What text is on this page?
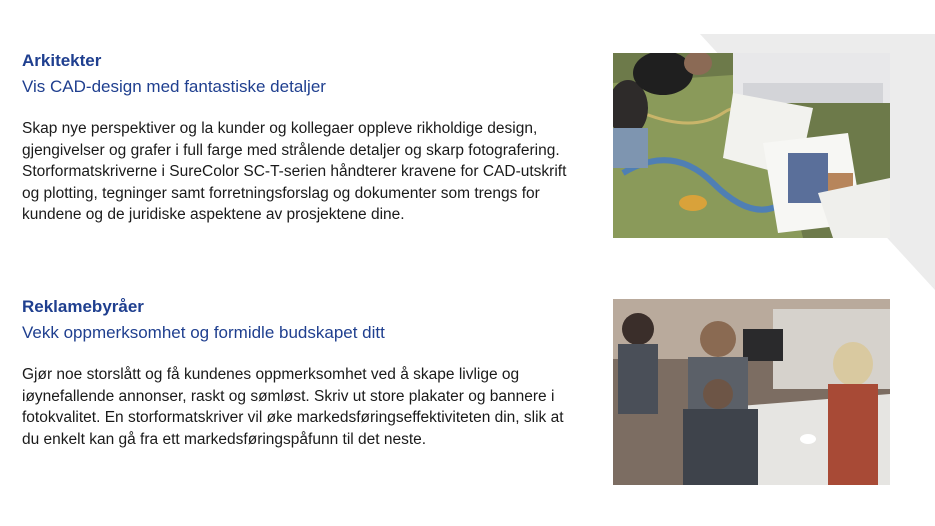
Arkitekter
Vis CAD-design med fantastiske detaljer

Skap nye perspektiver og la kunder og kollegaer oppleve rikholdige design, gjengivelser og grafer i full farge med strålende detaljer og skarp fotografering. Storformatskriverne i SureColor SC-T-serien håndterer kravene for CAD-utskrift og plotting, tegninger samt forretningsforslag og dokumenter som trengs for kundene og de juridiske aspektene av prosjektene dine.

Reklamebyråer
Vekk oppmerksomhet og formidle budskapet ditt

Gjør noe storslått og få kundenes oppmerksomhet ved å skape livlige og iøynefallende annonser, raskt og sømløst. Skriv ut store plakater og bannere i fotokvalitet. En storformatskriver vil øke markedsføringseffektiviteten din, slik at du enkelt kan gå fra ett markedsføringspåfunn til det neste.
